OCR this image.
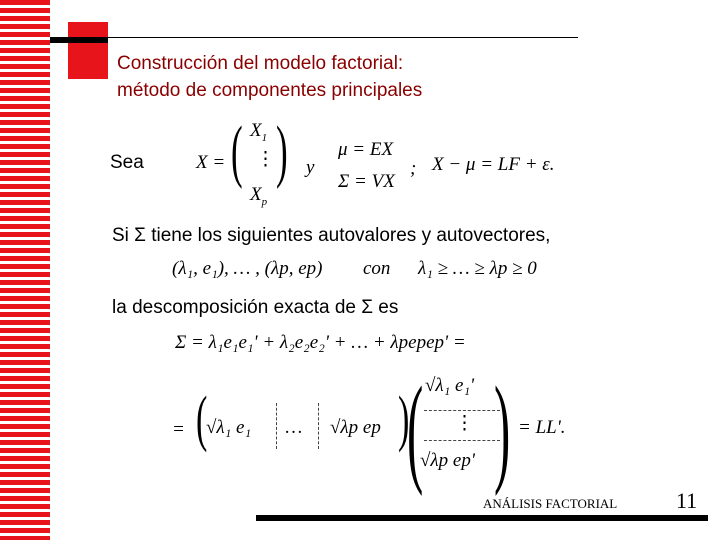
Construcción del modelo factorial:
método de componentes principales
Sea	X = ( $X_1$
⋮
$X_p$
) y
μ = EX
Σ = VX
; X − μ = LF + ε.
Si Σ tiene los siguientes autovalores y autovectores,
(λ₁, e₁), … , (λp, ep) con λ₁ ≥ … ≥ λp ≥ 0
la descomposición exacta de Σ es
Σ = λ₁e₁e₁' + λ₂e₂e₂' + … + λpepep' =
= (
√λ₁ e₁ … √λp ep )
( √λ₁ e₁'
⋮
√λp ep' ) = LL'.
ANÁLISIS FACTORIAL	11
